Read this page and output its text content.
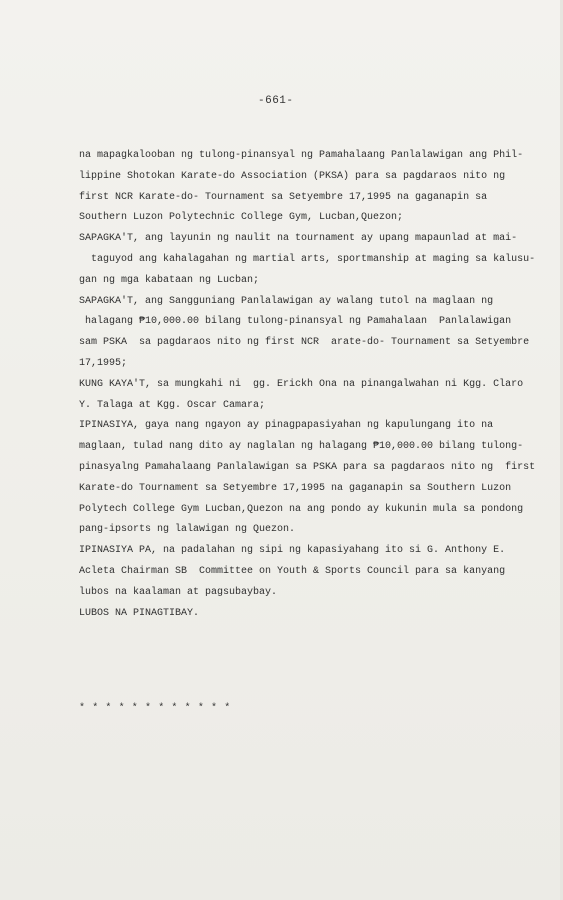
-661-
na mapagkalooban ng tulong-pinansyal ng Pamahalaang Panlalawigan ang Phil-
lippine Shotokan Karate-do Association (PKSA) para sa pagdaraos nito ng
first NCR Karate-do- Tournament sa Setyembre 17,1995 na gaganapin sa
Southern Luzon Polytechnic College Gym, Lucban,Quezon;
SAPAGKA'T, ang layunin ng naulit na tournament ay upang mapaunlad at mai-
taguyod ang kahalagahan ng martial arts, sportmanship at maging sa kalusu-
gan ng mga kabataan ng Lucban;
SAPAGKA'T, ang Sangguniang Panlalawigan ay walang tutol na maglaan ng
halagang ₱10,000.00 bilang tulong-pinansyal ng Pamahalaan  Panlalawigan
sam PSKA  sa pagdaraos nito ng first NCR  arate-do- Tournament sa Setyembre
17,1995;
KUNG KAYA'T, sa mungkahi ni  gg. Erickh Ona na pinangalwahan ni Kgg. Claro
Y. Talaga at Kgg. Oscar Camara;
IPINASIYA, gaya nang ngayon ay pinagpapasiyahan ng kapulungang ito na
maglaan, tulad nang dito ay naglalan ng halagang ₱10,000.00 bilang tulong-
pinasyalng Pamahalaang Panlalawigan sa PSKA para sa pagdaraos nito ng  first
Karate-do Tournament sa Setyembre 17,1995 na gaganapin sa Southern Luzon
Polytech College Gym Lucban,Quezon na ang pondo ay kukunin mula sa pondong
pang-ipsorts ng lalawigan ng Quezon.
IPINASIYA PA, na padalahan ng sipi ng kapasiyahang ito si G. Anthony E.
Acleta Chairman SB  Committee on Youth & Sports Council para sa kanyang
lubos na kaalaman at pagsubaybay.
LUBOS NA PINAGTIBAY.
* * * * * * * * * * * *
